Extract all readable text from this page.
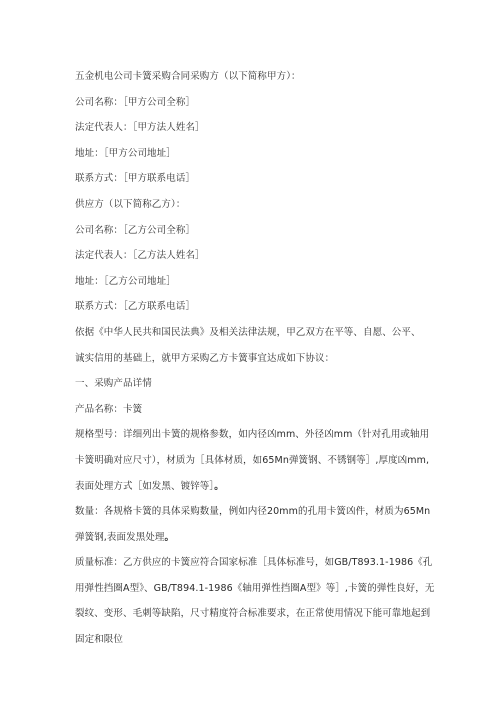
五金机电公司卡簧采购合同采购方（以下简称甲方）：
公司名称：［甲方公司全称］
法定代表人：［甲方法人姓名］
地址：［甲方公司地址］
联系方式：［甲方联系电话］
供应方（以下简称乙方）：
公司名称：［乙方公司全称］
法定代表人：［乙方法人姓名］
地址：［乙方公司地址］
联系方式：［乙方联系电话］
依据《中华人民共和国民法典》及相关法律法规，甲乙双方在平等、自愿、公平、
诚实信用的基础上，就甲方采购乙方卡簧事宜达成如下协议：
一、采购产品详情
产品名称：卡簧

规格型号：详细列出卡簧的规格参数，如内径凶mm、外径凶mm（针对孔用或轴用卡簧明确对应尺寸），材质为［具体材质，如65Mn弹簧钢、不锈钢等］,厚度凶mm,表面处理方式［如发黑、镀锌等］。

数量：各规格卡簧的具体采购数量，例如内径20mm的孔用卡簧凶件，材质为65Mn弹簧钢,表面发黑处理。

质量标准：乙方供应的卡簧应符合国家标准［具体标准号，如GB/T893.1-1986《孔用弹性挡圈A型》、GB/T894.1-1986《轴用弹性挡圈A型》等］,卡簧的弹性良好，无裂纹、变形、毛刺等缺陷，尺寸精度符合标准要求，在正常使用情况下能可靠地起到固定和限位
